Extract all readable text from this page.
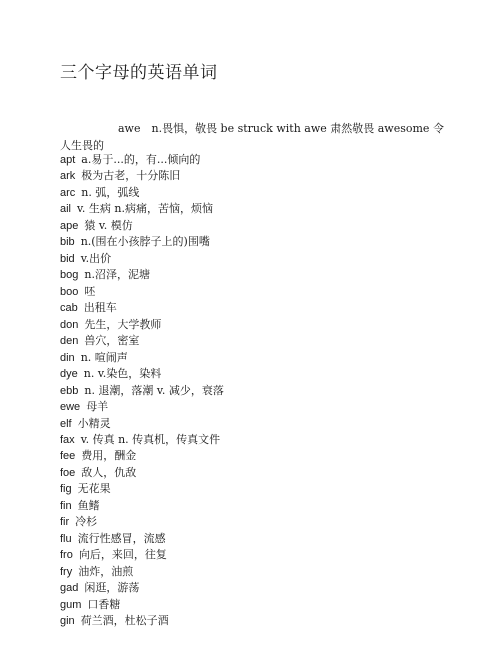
三个字母的英语单词
awe　n.畏惧，敬畏 be struck with awe 肃然敬畏 awesome 令
人生畏的
apt a.易于...的，有...倾向的
ark 极为古老，十分陈旧
arc n. 弧，弧线
ail v. 生病 n.病痛，苦恼，烦恼
ape 猿 v. 模仿
bib n.(围在小孩脖子上的)围嘴
bid v.出价
bog n.沼泽，泥塘
boo 呸
cab 出租车
don 先生，大学教师
den 兽穴，密室
din n. 喧闹声
dye n. v.染色，染料
ebb n. 退潮，落潮 v. 减少，衰落
ewe 母羊
elf 小精灵
fax v. 传真 n. 传真机，传真文件
fee 费用，酬金
foe 敌人，仇敌
fig 无花果
fin 鱼鳍
fir 冷杉
flu 流行性感冒，流感
fro 向后，来回，往复
fry 油炸，油煎
gad 闲逛，游荡
gum 口香糖
gin 荷兰酒，杜松子酒
